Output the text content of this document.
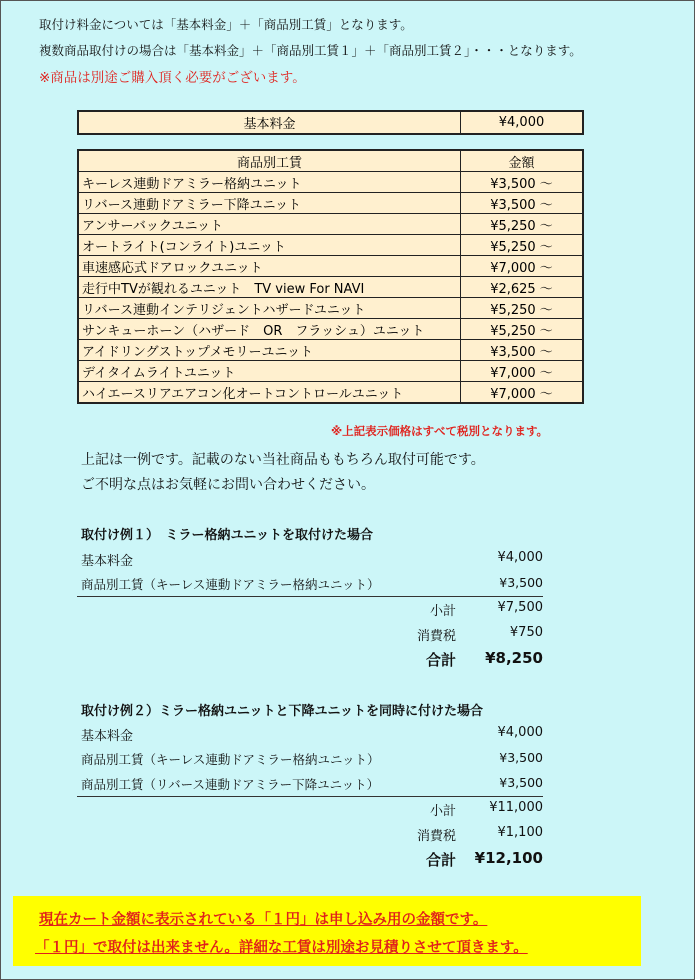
取付け料金については「基本料金」＋「商品別工賃」となります。
複数商品取付けの場合は「基本料金」＋「商品別工賃１」＋「商品別工賃２」・・・となります。
※商品は別途ご購入頂く必要がございます。
基本料金	¥4,000
商品別工賃	金額
キーレス連動ドアミラー格納ユニット	¥3,500 ～
リバース連動ドアミラー下降ユニット	¥3,500 ～
アンサーバックユニット	¥5,250 ～
オートライト(コンライト)ユニット	¥5,250 ～
車速感応式ドアロックユニット	¥7,000 ～
走行中TVが観れるユニット　TV view For NAVI	¥2,625 ～
リバース連動インテリジェントハザードユニット	¥5,250 ～
サンキューホーン（ハザード　OR　フラッシュ）ユニット	¥5,250 ～
アイドリングストップメモリーユニット	¥3,500 ～
デイタイムライトユニット	¥7,000 ～
ハイエースリアエアコン化オートコントロールユニット	¥7,000 ～
※上記表示価格はすべて税別となります。
上記は一例です。記載のない当社商品ももちろん取付可能です。
ご不明な点はお気軽にお問い合わせください。
取付け例１）　ミラー格納ユニットを取付けた場合
基本料金	¥4,000
商品別工賃（キーレス連動ドアミラー格納ユニット）	¥3,500
小計	¥7,500
消費税	¥750
合計 ¥8,250
取付け例２）ミラー格納ユニットと下降ユニットを同時に付けた場合
基本料金	¥4,000
商品別工賃（キーレス連動ドアミラー格納ユニット）	¥3,500
商品別工賃（リバース連動ドアミラー下降ユニット）	¥3,500
小計	¥11,000
消費税	¥1,100
合計 ¥12,100
現在カート金額に表示されている「１円」は申し込み用の金額です。
「１円」で取付は出来ません。詳細な工賃は別途お見積りさせて頂きます。
